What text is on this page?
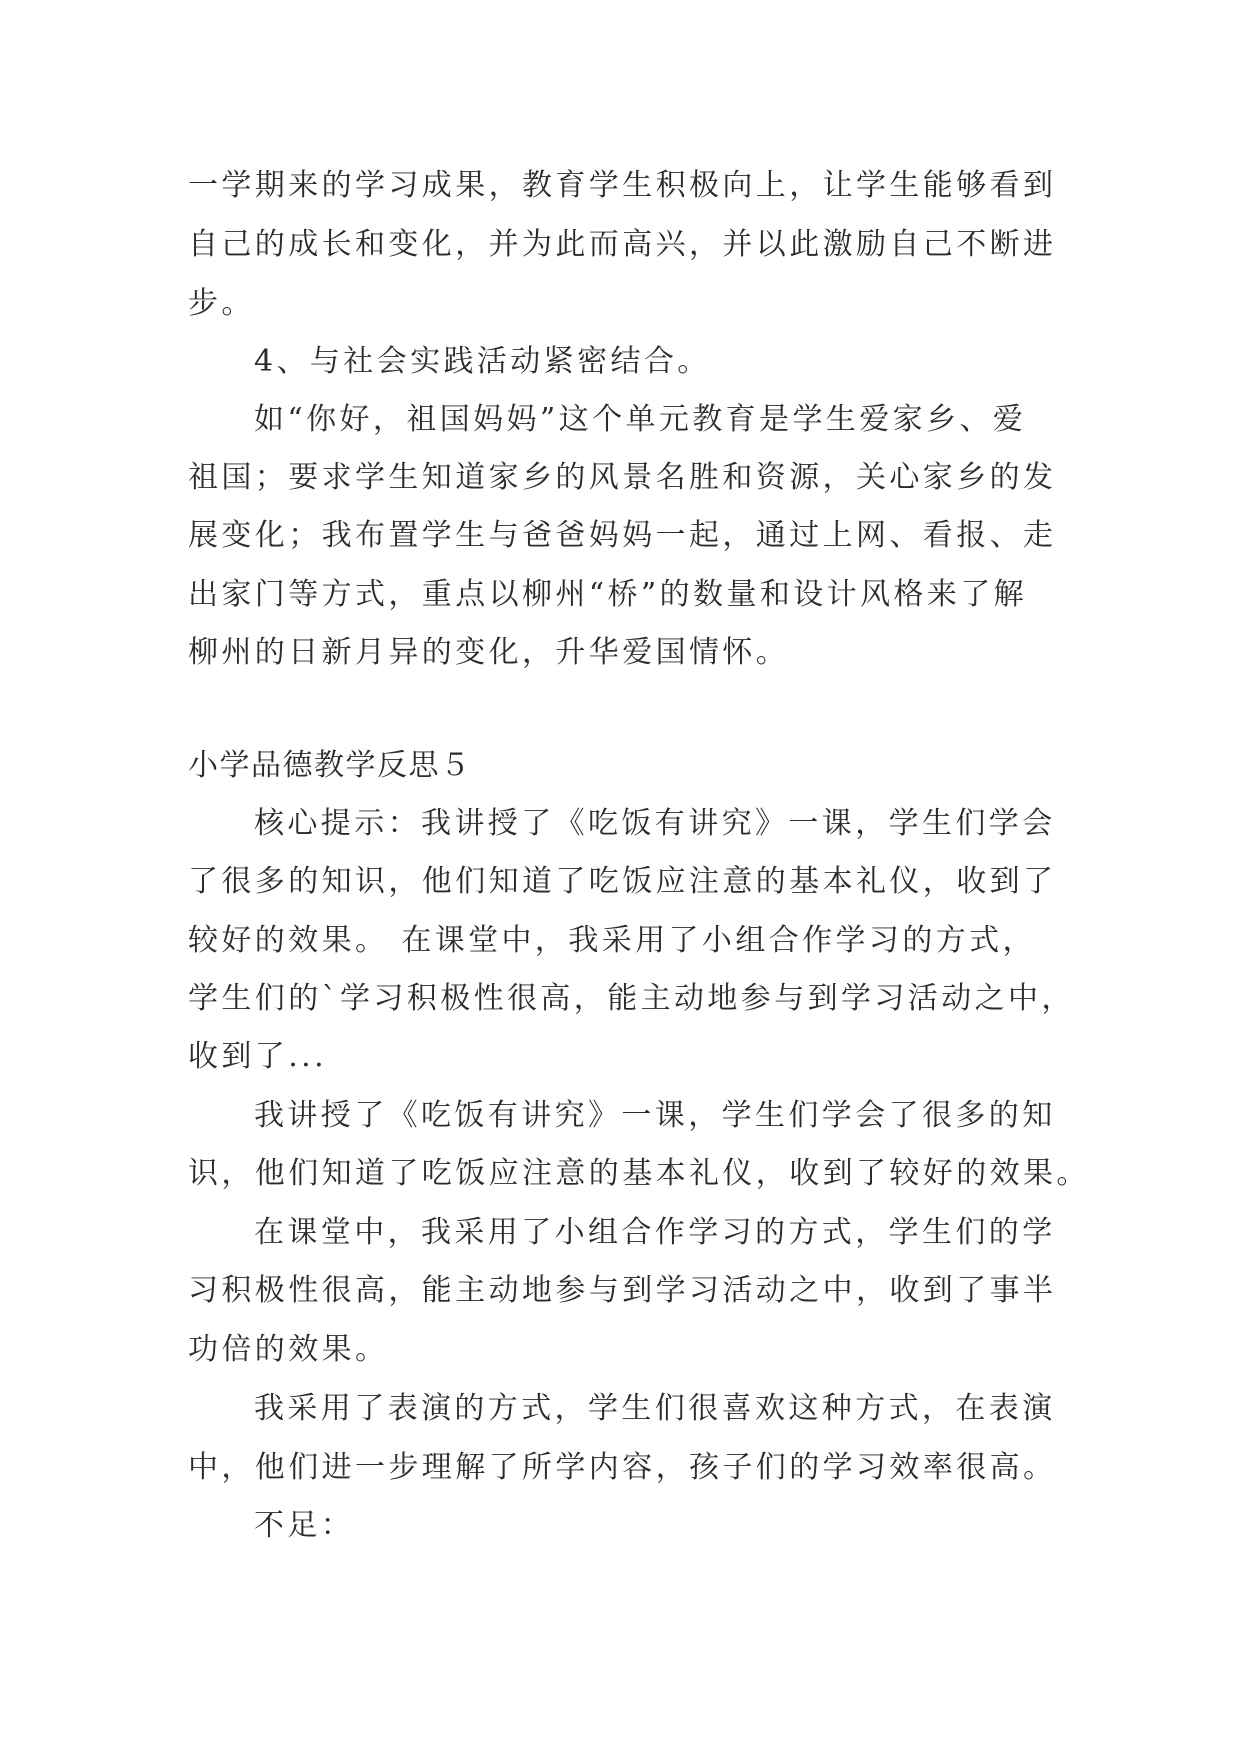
一学期来的学习成果，教育学生积极向上，让学生能够看到
自己的成长和变化，并为此而高兴，并以此激励自己不断进
步。
4、与社会实践活动紧密结合。
如“你好，祖国妈妈”这个单元教育是学生爱家乡、爱
祖国；要求学生知道家乡的风景名胜和资源，关心家乡的发
展变化；我布置学生与爸爸妈妈一起，通过上网、看报、走
出家门等方式，重点以柳州“桥”的数量和设计风格来了解
柳州的日新月异的变化，升华爱国情怀。
小学品德教学反思５
核心提示：我讲授了《吃饭有讲究》一课，学生们学会
了很多的知识，他们知道了吃饭应注意的基本礼仪，收到了
较好的效果。 在课堂中，我采用了小组合作学习的方式，
学生们的`学习积极性很高，能主动地参与到学习活动之中，
收到了...
我讲授了《吃饭有讲究》一课，学生们学会了很多的知
识，他们知道了吃饭应注意的基本礼仪，收到了较好的效果。
在课堂中，我采用了小组合作学习的方式，学生们的学
习积极性很高，能主动地参与到学习活动之中，收到了事半
功倍的效果。
我采用了表演的方式，学生们很喜欢这种方式，在表演
中，他们进一步理解了所学内容，孩子们的学习效率很高。
不足：
